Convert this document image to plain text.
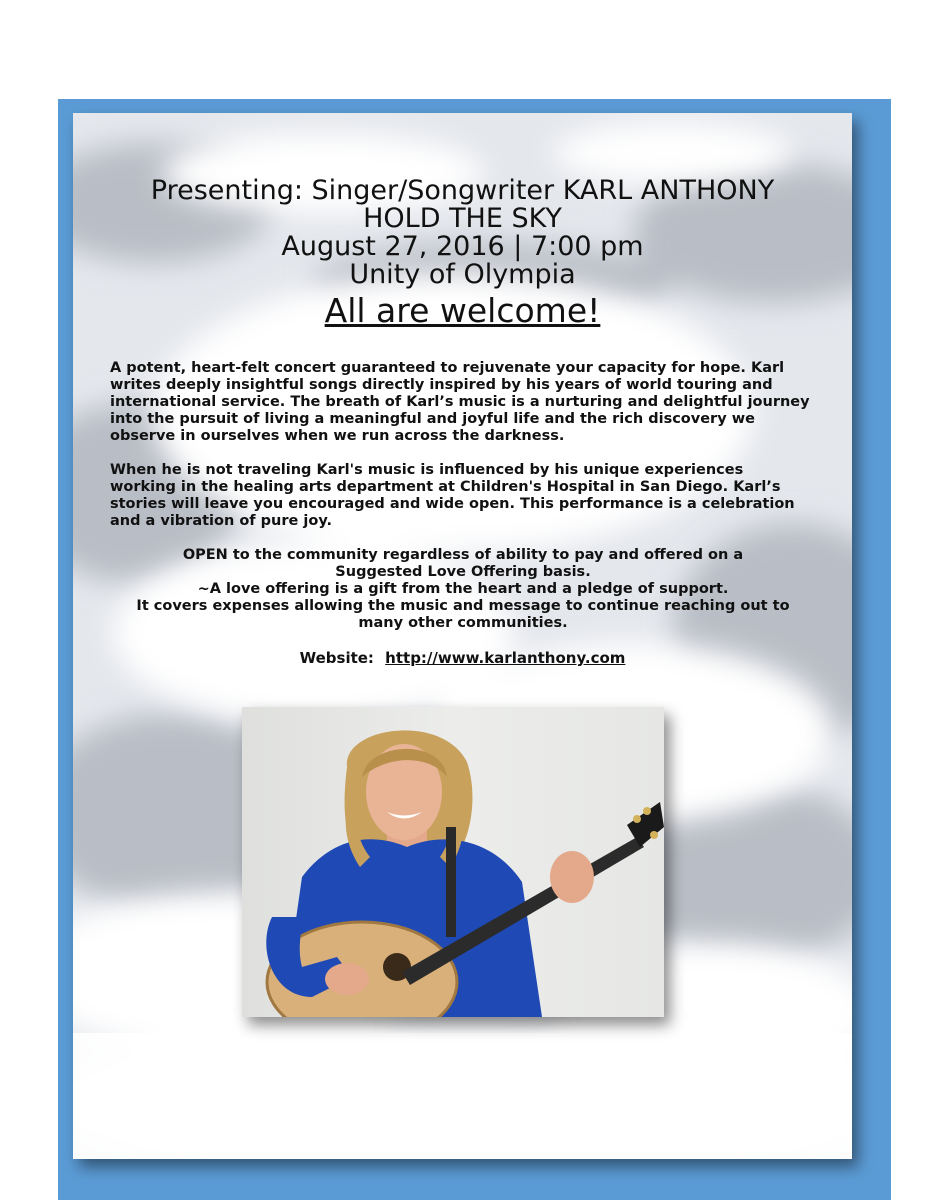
Presenting: Singer/Songwriter KARL ANTHONY
HOLD THE SKY
August 27, 2016 | 7:00 pm
Unity of Olympia
All are welcome!

A potent, heart-felt concert guaranteed to rejuvenate your capacity for hope. Karl writes deeply insightful songs directly inspired by his years of world touring and international service. The breath of Karl’s music is a nurturing and delightful journey into the pursuit of living a meaningful and joyful life and the rich discovery we observe in ourselves when we run across the darkness.

When he is not traveling Karl's music is influenced by his unique experiences working in the healing arts department at Children's Hospital in San Diego. Karl’s stories will leave you encouraged and wide open. This performance is a celebration and a vibration of pure joy.

OPEN to the community regardless of ability to pay and offered on a
Suggested Love Offering basis.
~A love offering is a gift from the heart and a pledge of support.
It covers expenses allowing the music and message to continue reaching out to
many other communities.
Website: http://www.karlanthony.com
